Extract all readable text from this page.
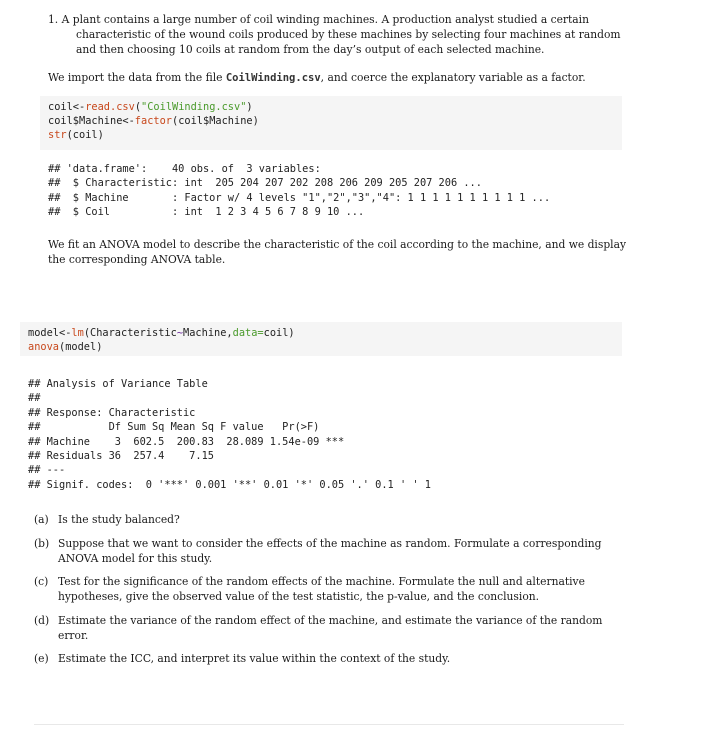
1. A plant contains a large number of coil winding machines. A production analyst studied a certain
characteristic of the wound coils produced by these machines by selecting four machines at random
and then choosing 10 coils at random from the day’s output of each selected machine.
We import the data from the file CoilWinding.csv, and coerce the explanatory variable as a factor.
coil<-read.csv("CoilWinding.csv")
coil$Machine<-factor(coil$Machine)
str(coil)
## 'data.frame':    40 obs. of  3 variables:
##  $ Characteristic: int  205 204 207 202 208 206 209 205 207 206 ...
##  $ Machine       : Factor w/ 4 levels "1","2","3","4": 1 1 1 1 1 1 1 1 1 1 ...
##  $ Coil          : int  1 2 3 4 5 6 7 8 9 10 ...
We fit an ANOVA model to describe the characteristic of the coil according to the machine, and we display
the corresponding ANOVA table.
model<-lm(Characteristic~Machine,data=coil)
anova(model)
## Analysis of Variance Table
##
## Response: Characteristic
##           Df Sum Sq Mean Sq F value   Pr(>F)
## Machine    3  602.5  200.83  28.089 1.54e-09 ***
## Residuals 36  257.4    7.15
## ---
## Signif. codes:  0 '***' 0.001 '**' 0.01 '*' 0.05 '.' 0.1 ' ' 1
(a) Is the study balanced?
(b) Suppose that we want to consider the effects of the machine as random. Formulate a corresponding
ANOVA model for this study.
(c) Test for the significance of the random effects of the machine. Formulate the null and alternative
hypotheses, give the observed value of the test statistic, the p-value, and the conclusion.
(d) Estimate the variance of the random effect of the machine, and estimate the variance of the random
error.
(e) Estimate the ICC, and interpret its value within the context of the study.
